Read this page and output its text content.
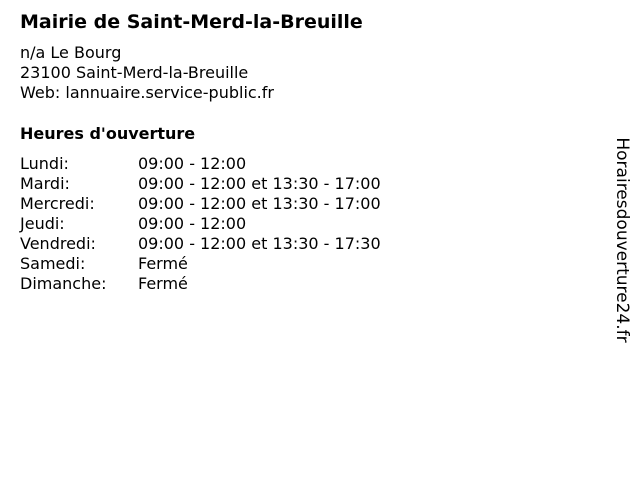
Mairie de Saint-Merd-la-Breuille
n/a Le Bourg
23100 Saint-Merd-la-Breuille
Web: lannuaire.service-public.fr
Heures d'ouverture
Lundi:	09:00 - 12:00
Mardi:	09:00 - 12:00 et 13:30 - 17:00
Mercredi:	09:00 - 12:00 et 13:30 - 17:00
Jeudi:	09:00 - 12:00
Vendredi:	09:00 - 12:00 et 13:30 - 17:30
Samedi:	Fermé
Dimanche:	Fermé	Horairesdouverture24.fr
